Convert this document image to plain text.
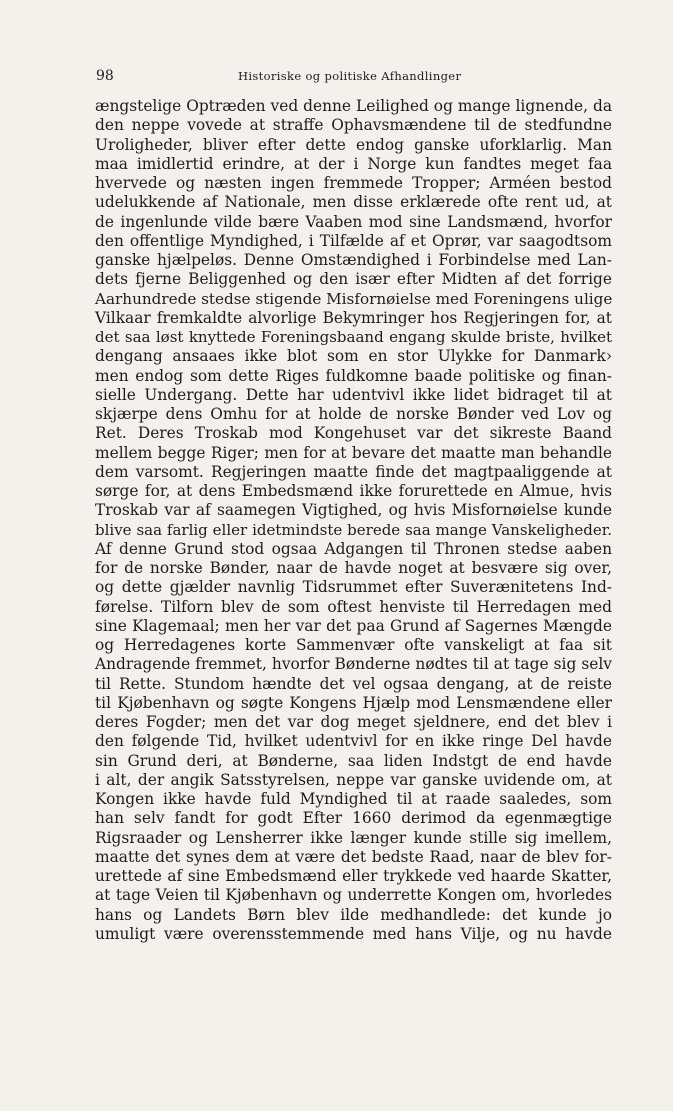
98	Historiske og politiske Afhandlinger
ængstelige Optræden ved denne Leilighed og mange lignende, da
den neppe vovede at straffe Ophavsmændene til de stedfundne
Uroligheder, bliver efter dette endog ganske uforklarlig. Man
maa imidlertid erindre, at der i Norge kun fandtes meget faa
hvervede og næsten ingen fremmede Tropper; Arméen bestod
udelukkende af Nationale, men disse erklærede ofte rent ud, at
de ingenlunde vilde bære Vaaben mod sine Landsmænd, hvorfor
den offentlige Myndighed, i Tilfælde af et Oprør, var saagodtsom
ganske hjælpeløs. Denne Omstændighed i Forbindelse med Lan-
dets fjerne Beliggenhed og den især efter Midten af det forrige
Aarhundrede stedse stigende Misfornøielse med Foreningens ulige
Vilkaar fremkaldte alvorlige Bekymringer hos Regjeringen for, at
det saa løst knyttede Foreningsbaand engang skulde briste, hvilket
dengang ansaaes ikke blot som en stor Ulykke for Danmark›
men endog som dette Riges fuldkomne baade politiske og finan-
sielle Undergang. Dette har udentvivl ikke lidet bidraget til at
skjærpe dens Omhu for at holde de norske Bønder ved Lov og
Ret. Deres Troskab mod Kongehuset var det sikreste Baand
mellem begge Riger; men for at bevare det maatte man behandle
dem varsomt. Regjeringen maatte finde det magtpaaliggende at
sørge for, at dens Embedsmænd ikke forurettede en Almue, hvis
Troskab var af saamegen Vigtighed, og hvis Misfornøielse kunde
blive saa farlig eller idetmindste berede saa mange Vanskeligheder.
Af denne Grund stod ogsaa Adgangen til Thronen stedse aaben
for de norske Bønder, naar de havde noget at besvære sig over,
og dette gjælder navnlig Tidsrummet efter Suverænitetens Ind-
førelse. Tilforn blev de som oftest henviste til Herredagen med
sine Klagemaal; men her var det paa Grund af Sagernes Mængde
og Herredagenes korte Sammenvær ofte vanskeligt at faa sit
Andragende fremmet, hvorfor Bønderne nødtes til at tage sig selv
til Rette. Stundom hændte det vel ogsaa dengang, at de reiste
til Kjøbenhavn og søgte Kongens Hjælp mod Lensmændene eller
deres Fogder; men det var dog meget sjeldnere, end det blev i
den følgende Tid, hvilket udentvivl for en ikke ringe Del havde
sin Grund deri, at Bønderne, saa liden Indstgt de end havde
i alt, der angik Satsstyrelsen, neppe var ganske uvidende om, at
Kongen ikke havde fuld Myndighed til at raade saaledes, som
han selv fandt for godt Efter 1660 derimod da egenmægtige
Rigsraader og Lensherrer ikke længer kunde stille sig imellem,
maatte det synes dem at være det bedste Raad, naar de blev for-
urettede af sine Embedsmænd eller trykkede ved haarde Skatter,
at tage Veien til Kjøbenhavn og underrette Kongen om, hvorledes
hans og Landets Børn blev ilde medhandlede: det kunde jo
umuligt være overensstemmende med hans Vilje, og nu havde
